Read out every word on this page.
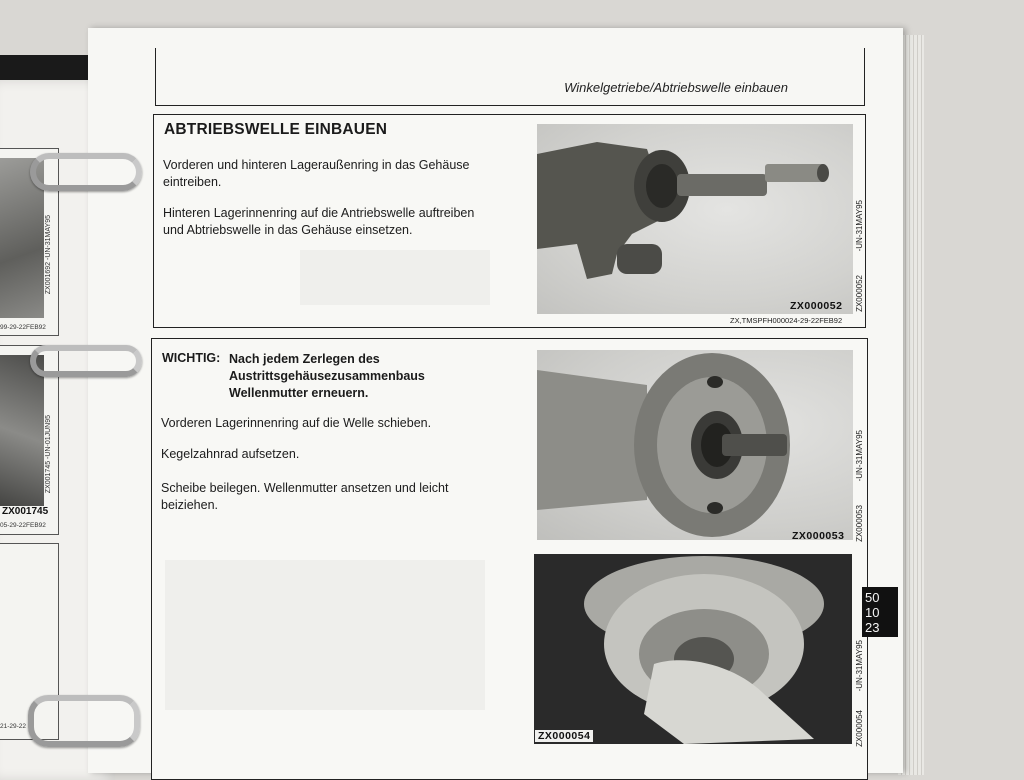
ZX001692 -UN-31MAY95
99-29-22FEB92
ZX001745
ZX001745 -UN-01JUN95
05-29-22FEB92
21-29-22
Winkelgetriebe/Abtriebswelle einbauen
ABTRIEBSWELLE EINBAUEN
Vorderen und hinteren Lageraußenring in das Gehäuse
eintreiben.
Hinteren Lagerinnenring auf die Antriebswelle auftreiben
und Abtriebswelle in das Gehäuse einsetzen.
ZX000052
-UN-31MAY95
ZX000052
ZX,TMSPFH000024-29-22FEB92
WICHTIG: Nach jedem Zerlegen des
Austrittsgehäusezusammenbaus
Wellenmutter erneuern.
Vorderen Lagerinnenring auf die Welle schieben.
Kegelzahnrad aufsetzen.
Scheibe beilegen. Wellenmutter ansetzen und leicht
beiziehen.
ZX000053
-UN-31MAY95
ZX000053
ZX000054
-UN-31MAY95
ZX000054
50
10
23
